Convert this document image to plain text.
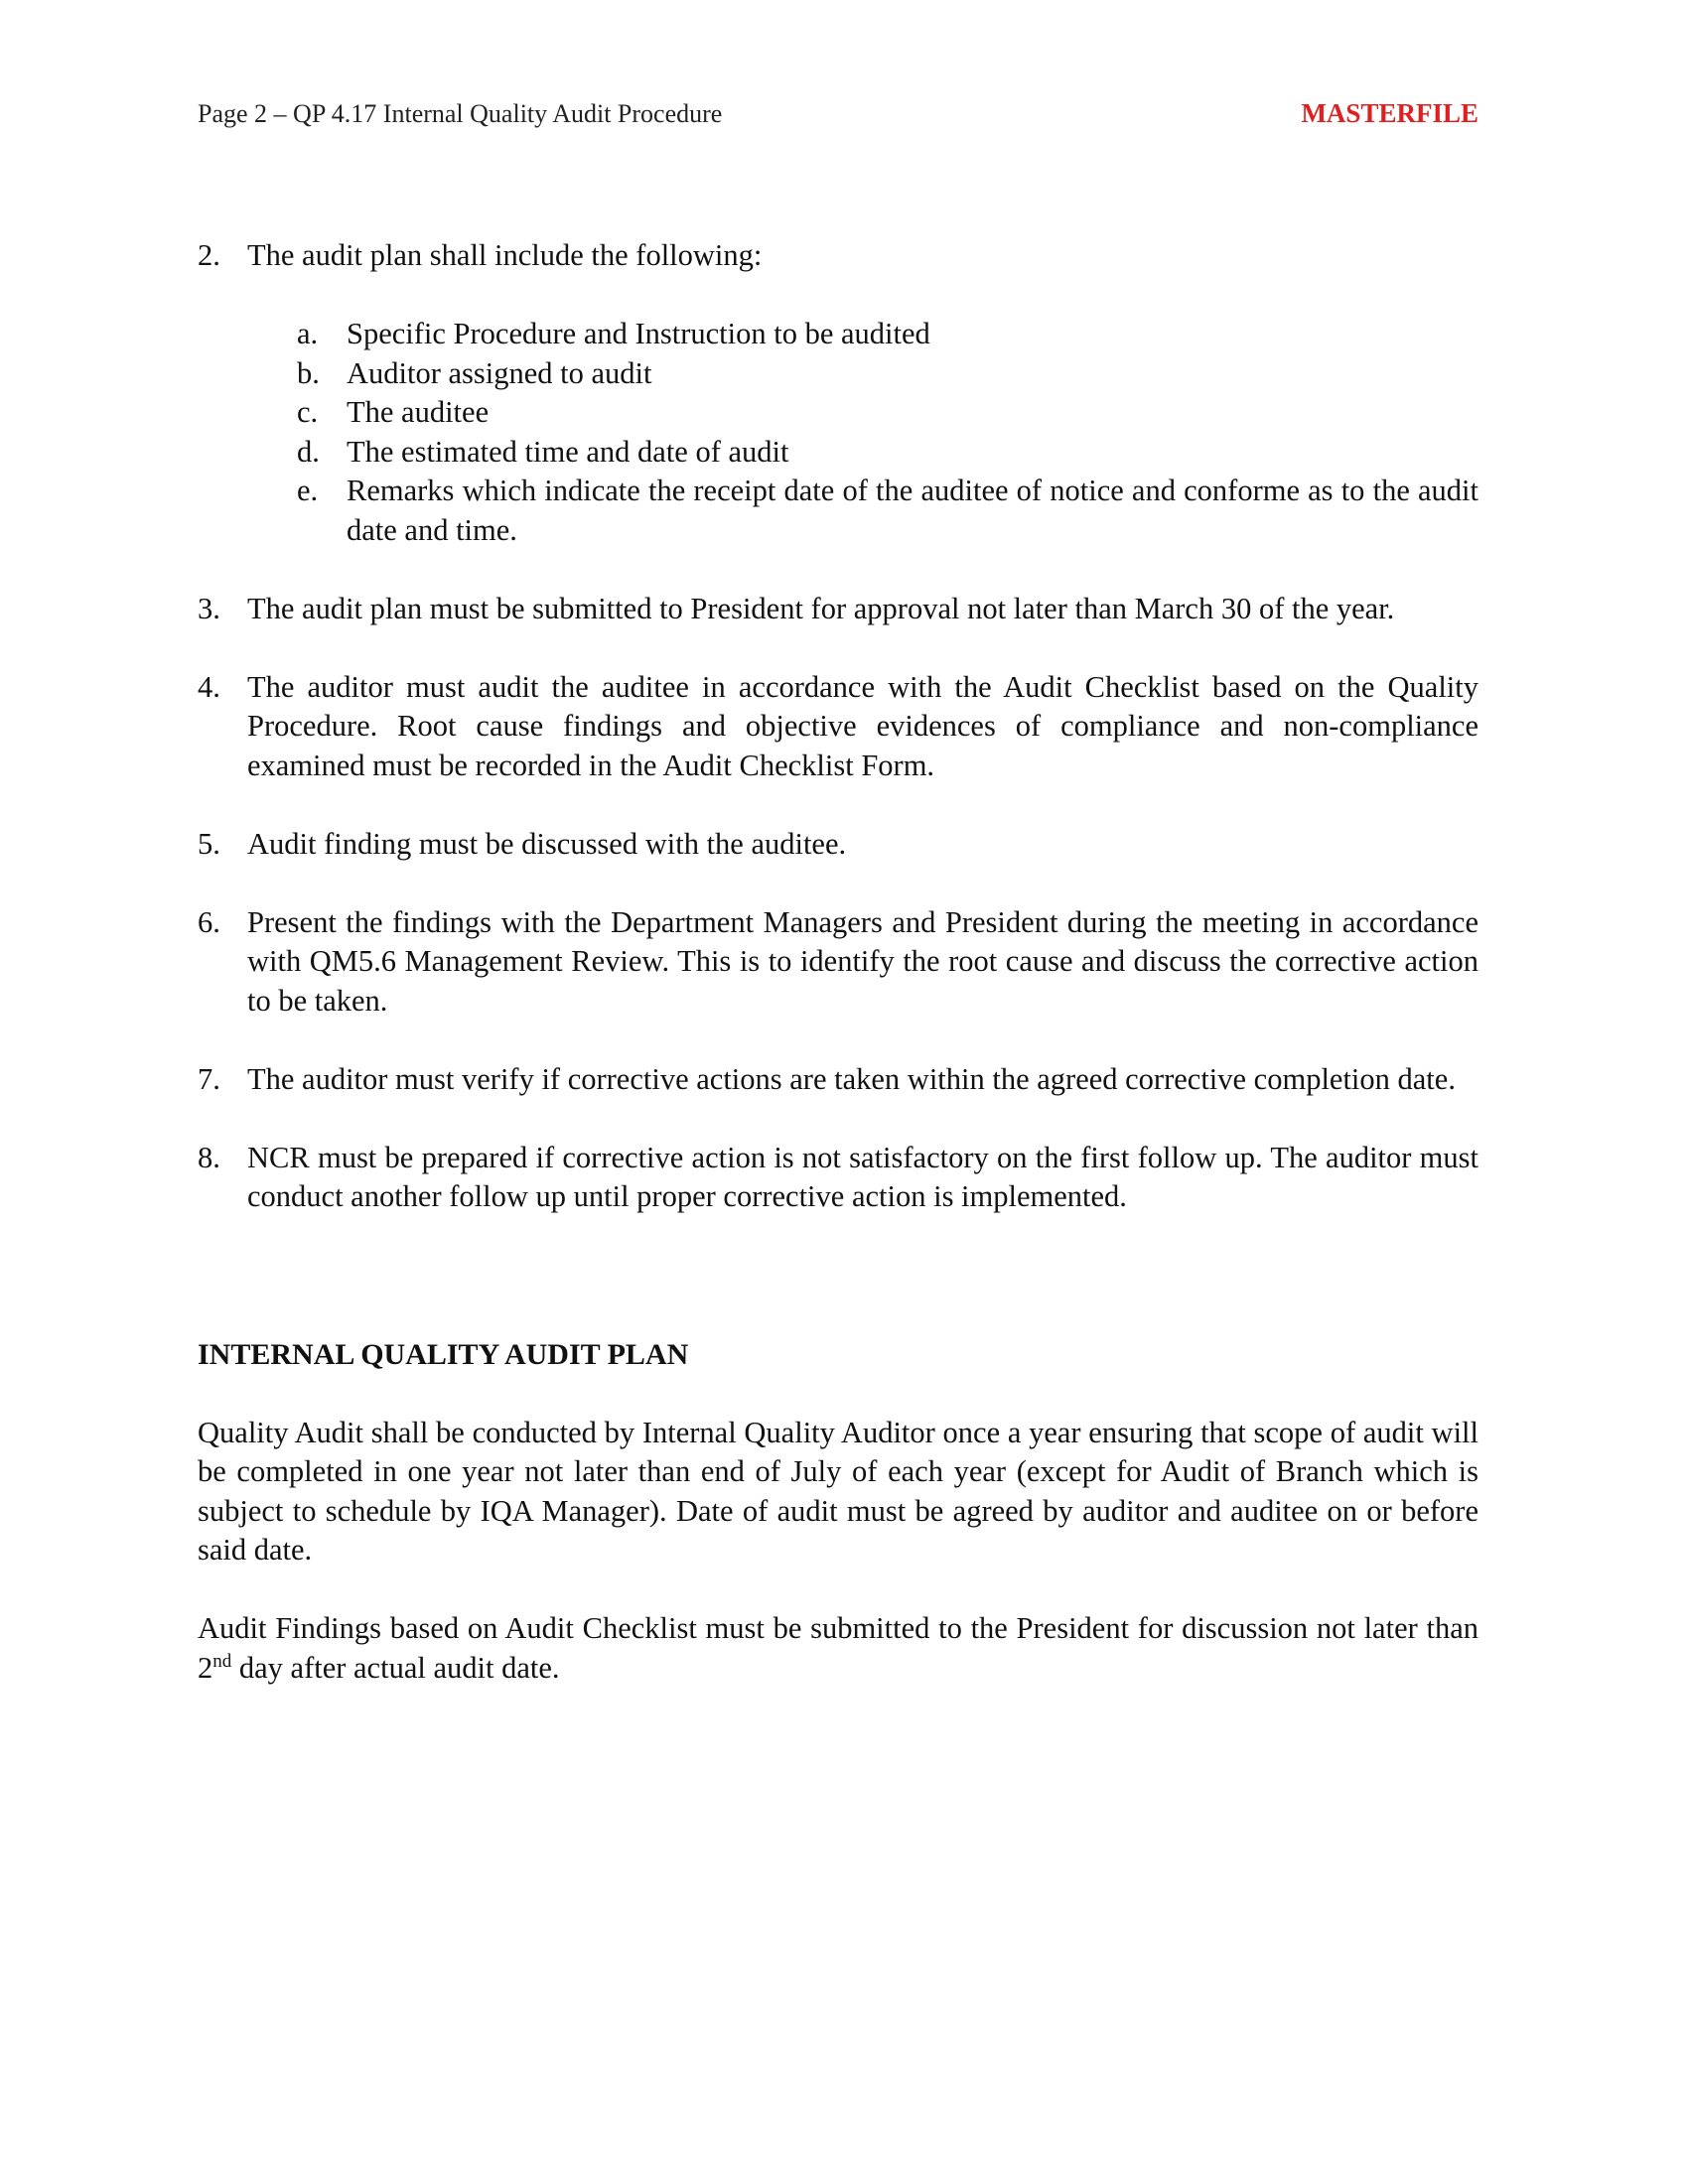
Page 2 – QP 4.17 Internal Quality Audit Procedure	MASTERFILE
2. The audit plan shall include the following:
a. Specific Procedure and Instruction to be audited
b. Auditor assigned to audit
c. The auditee
d. The estimated time and date of audit
e. Remarks which indicate the receipt date of the auditee of notice and conforme as to the audit date and time.
3. The audit plan must be submitted to President for approval not later than March 30 of the year.
4. The auditor must audit the auditee in accordance with the Audit Checklist based on the Quality Procedure. Root cause findings and objective evidences of compliance and non-compliance examined must be recorded in the Audit Checklist Form.
5. Audit finding must be discussed with the auditee.
6. Present the findings with the Department Managers and President during the meeting in accordance with QM5.6 Management Review. This is to identify the root cause and discuss the corrective action to be taken.
7. The auditor must verify if corrective actions are taken within the agreed corrective completion date.
8. NCR must be prepared if corrective action is not satisfactory on the first follow up. The auditor must conduct another follow up until proper corrective action is implemented.
INTERNAL QUALITY AUDIT PLAN
Quality Audit shall be conducted by Internal Quality Auditor once a year ensuring that scope of audit will be completed in one year not later than end of July of each year (except for Audit of Branch which is subject to schedule by IQA Manager). Date of audit must be agreed by auditor and auditee on or before said date.
Audit Findings based on Audit Checklist must be submitted to the President for discussion not later than 2nd day after actual audit date.
